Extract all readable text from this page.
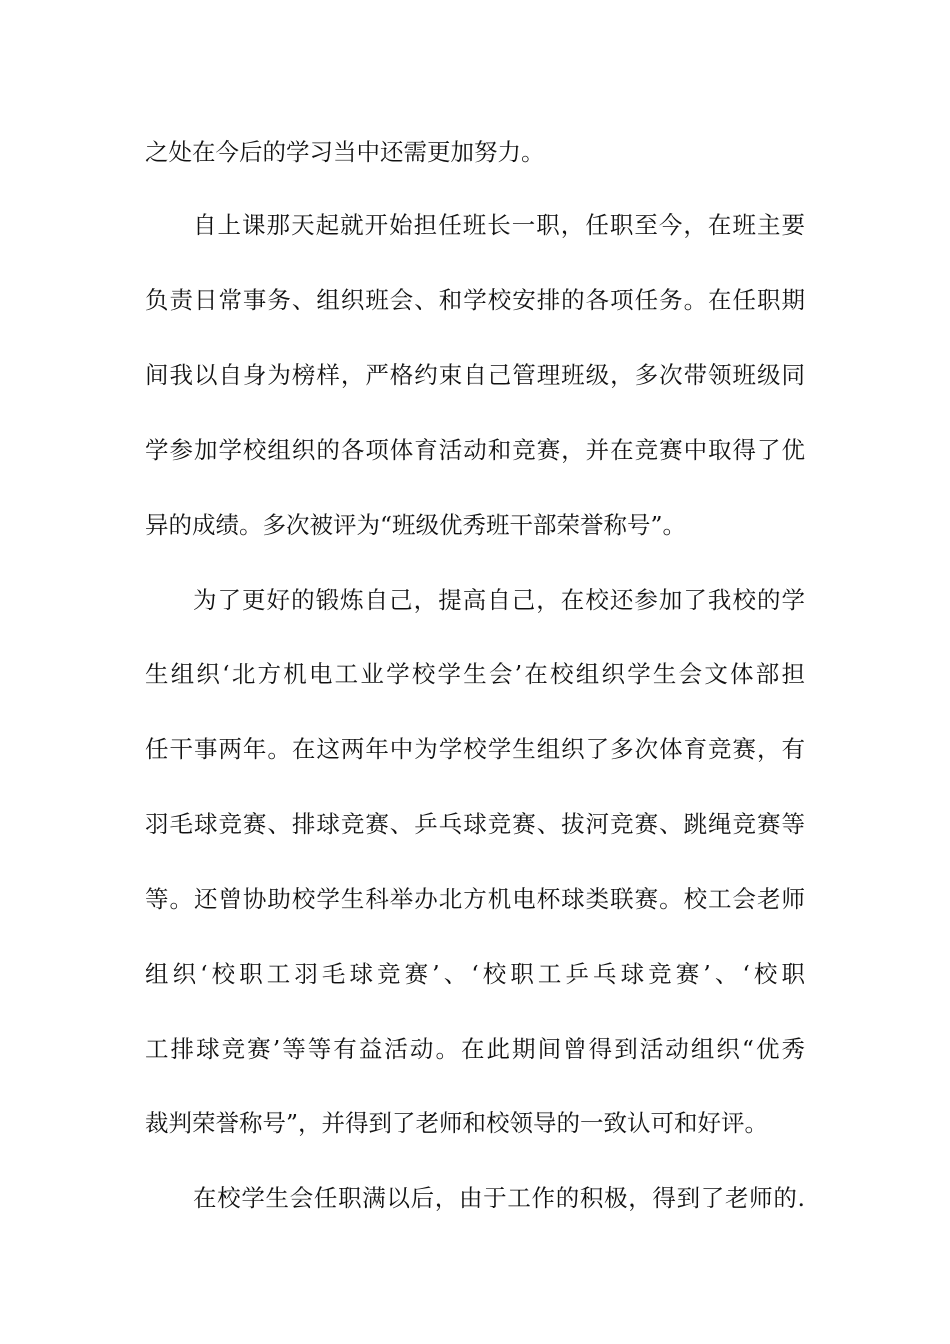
之处在今后的学习当中还需更加努力。
自上课那天起就开始担任班长一职，任职至今，在班主要
负责日常事务、组织班会、和学校安排的各项任务。在任职期
间我以自身为榜样，严格约束自己管理班级，多次带领班级同
学参加学校组织的各项体育活动和竞赛，并在竞赛中取得了优
异的成绩。多次被评为“班级优秀班干部荣誉称号”。
为了更好的锻炼自己，提高自己，在校还参加了我校的学
生组织‘北方机电工业学校学生会’在校组织学生会文体部担
任干事两年。在这两年中为学校学生组织了多次体育竞赛，有
羽毛球竞赛、排球竞赛、乒乓球竞赛、拔河竞赛、跳绳竞赛等
等。还曾协助校学生科举办北方机电杯球类联赛。校工会老师
组织‘校职工羽毛球竞赛’、‘校职工乒乓球竞赛’、‘校职
工排球竞赛’等等有益活动。在此期间曾得到活动组织“优秀
裁判荣誉称号”，并得到了老师和校领导的一致认可和好评。
在校学生会任职满以后，由于工作的积极，得到了老师的.
